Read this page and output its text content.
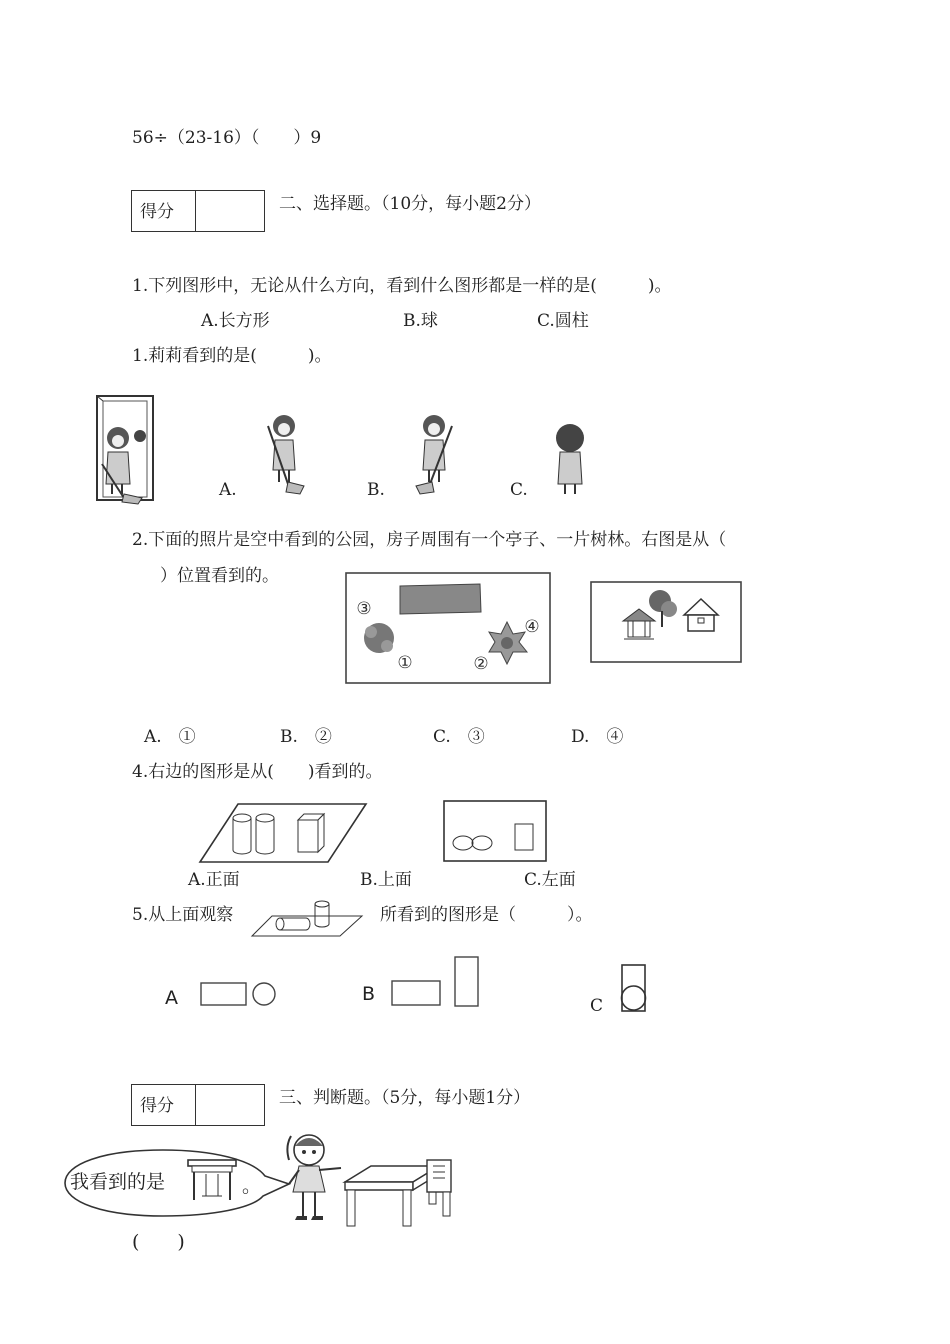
56÷（23-16）（　　）9
得分	二、选择题。（10分，每小题2分）
1.下列图形中，无论从什么方向，看到什么图形都是一样的是(　　　)。
A.长方形	B.球	C.圆柱
1.莉莉看到的是(　　　)。
A.	B.	C.
2.下面的照片是空中看到的公园，房子周围有一个亭子、一片树林。右图是从（
）位置看到的。
③
①	②
④
A.　①	B.　②	C.　③	D.　④
4.右边的图形是从(　　)看到的。
A.正面	B.上面	C.左面
5.从上面观察	所看到的图形是（　　　）。
A	B
C
得分	三、判断题。（5分，每小题1分）
我看到的是	。
(　　)
